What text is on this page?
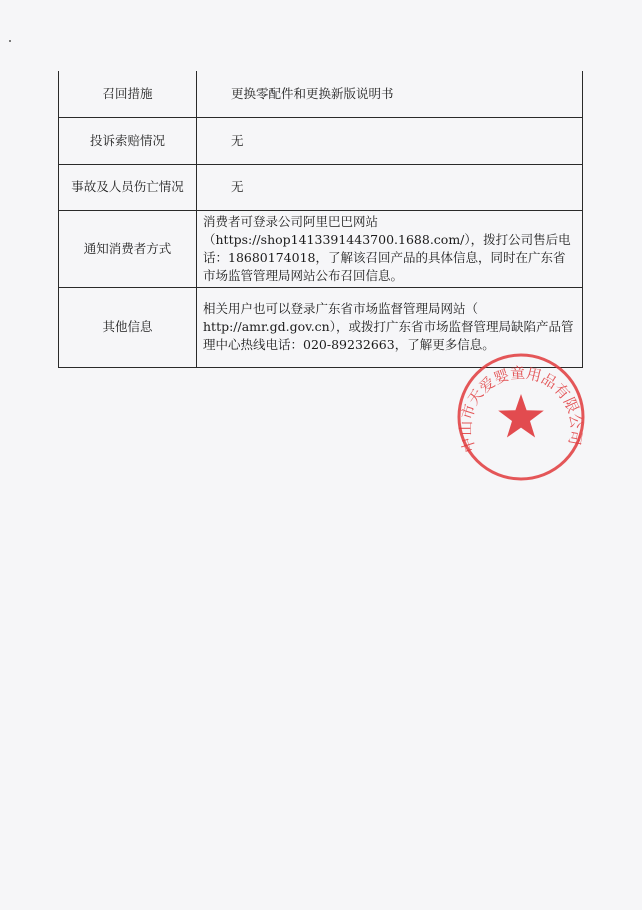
召回措施	更换零配件和更换新版说明书
投诉索赔情况	无
事故及人员伤亡情况	无
通知消费者方式	消费者可登录公司阿里巴巴网站（https://shop1413391443700.1688.com/），拨打公司售后电话：18680174018，了解该召回产品的具体信息，同时在广东省市场监管管理局网站公布召回信息。
其他信息	相关用户也可以登录广东省市场监督管理局网站（ http://amr.gd.gov.cn），或拨打广东省市场监督管理局缺陷产品管理中心热线电话：020-89232663，了解更多信息。
中山市天爱婴童用品有限公司
